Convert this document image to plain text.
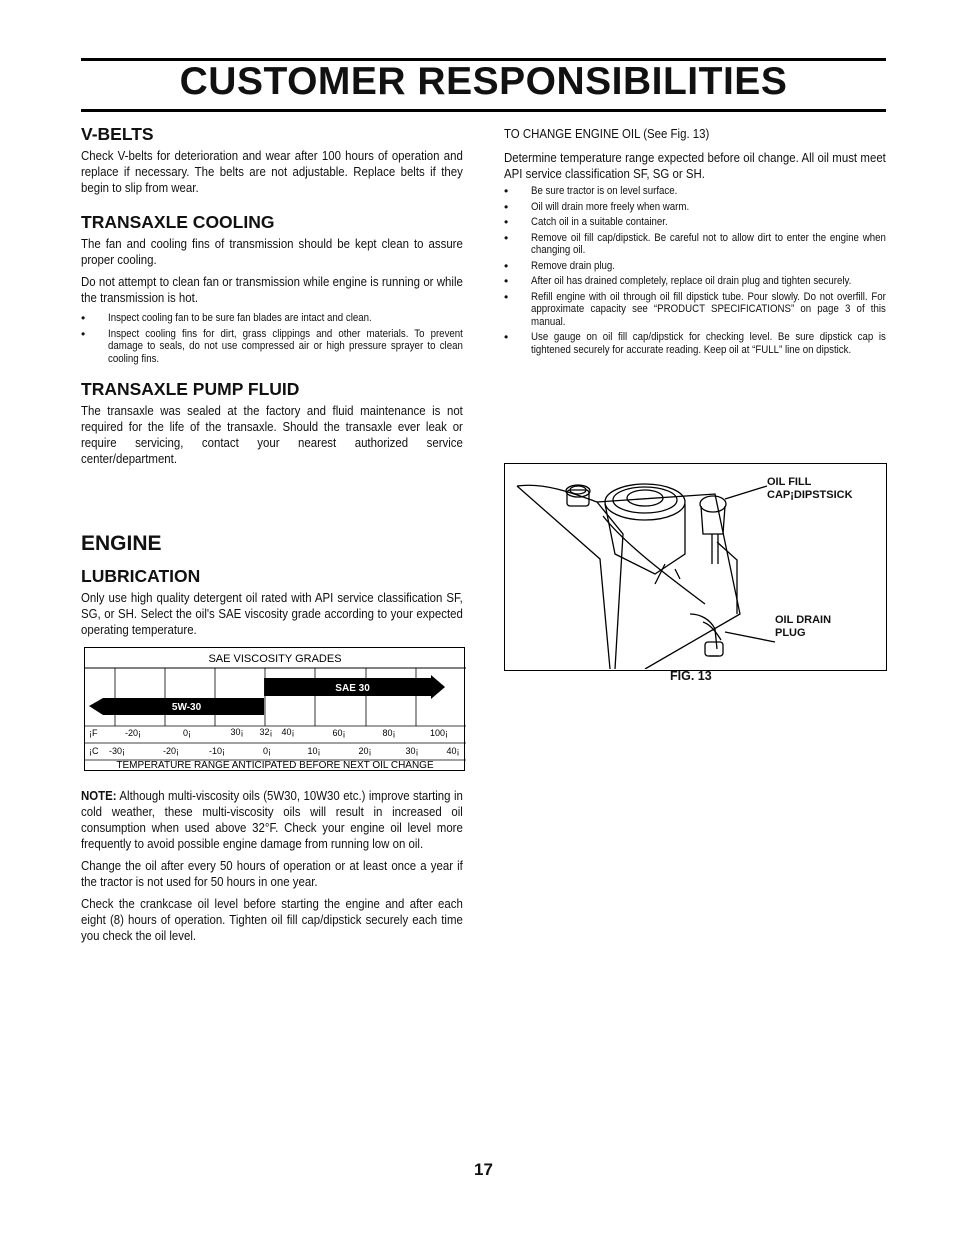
CUSTOMER RESPONSIBILITIES
V-BELTS

Check V-belts for deterioration and wear after 100 hours of operation and replace if necessary. The belts are not adjustable. Replace belts if they begin to slip from wear.

TRANSAXLE COOLING

The fan and cooling fins of transmission should be kept clean to assure proper cooling.

Do not attempt to clean fan or transmission while engine is running or while the transmission is hot.

• Inspect cooling fan to be sure fan blades are intact and clean.
• Inspect cooling fins for dirt, grass clippings and other materials. To prevent damage to seals, do not use compressed air or high pressure sprayer to clean cooling fins.
TRANSAXLE PUMP FLUID

The transaxle was sealed at the factory and fluid maintenance is not required for the life of the transaxle. Should the transaxle ever leak or require servicing, contact your nearest authorized service center/department.

ENGINE
LUBRICATION

Only use high quality detergent oil rated with API service classification SF, SG, or SH. Select the oil's SAE viscosity grade according to your expected operating temperature.

SAE VISCOSITY GRADES
5W-30
SAE 30
¡F	-20¡	0¡	30¡ 32¡ 40¡	60¡	80¡	100¡
¡C -30¡	-20¡	-10¡	0¡	10¡	20¡	30¡	40¡
TEMPERATURE RANGE ANTICIPATED BEFORE NEXT OIL CHANGE

NOTE: Although multi-viscosity oils (5W30, 10W30 etc.) improve starting in cold weather, these multi-viscosity oils will result in increased oil consumption when used above 32°F. Check your engine oil level more frequently to avoid possible engine damage from running low on oil.

Change the oil after every 50 hours of operation or at least once a year if the tractor is not used for 50 hours in one year.

Check the crankcase oil level before starting the engine and after each eight (8) hours of operation. Tighten oil fill cap/dipstick securely each time you check the oil level.

TO CHANGE ENGINE OIL (See Fig. 13)

Determine temperature range expected before oil change. All oil must meet API service classification SF, SG or SH.

• Be sure tractor is on level surface.
• Oil will drain more freely when warm.
• Catch oil in a suitable container.
• Remove oil fill cap/dipstick. Be careful not to allow dirt to enter the engine when changing oil.
• Remove drain plug.
• After oil has drained completely, replace oil drain plug and tighten securely.
• Refill engine with oil through oil fill dipstick tube. Pour slowly. Do not overfill. For approximate capacity see “PRODUCT SPECIFICATIONS” on page 3 of this manual.
• Use gauge on oil fill cap/dipstick for checking level. Be sure dipstick cap is tightened securely for accurate reading. Keep oil at “FULL” line on dipstick.
OIL FILL
CAP¡DIPSTSICK
OIL DRAIN
PLUG
FIG. 13
17
